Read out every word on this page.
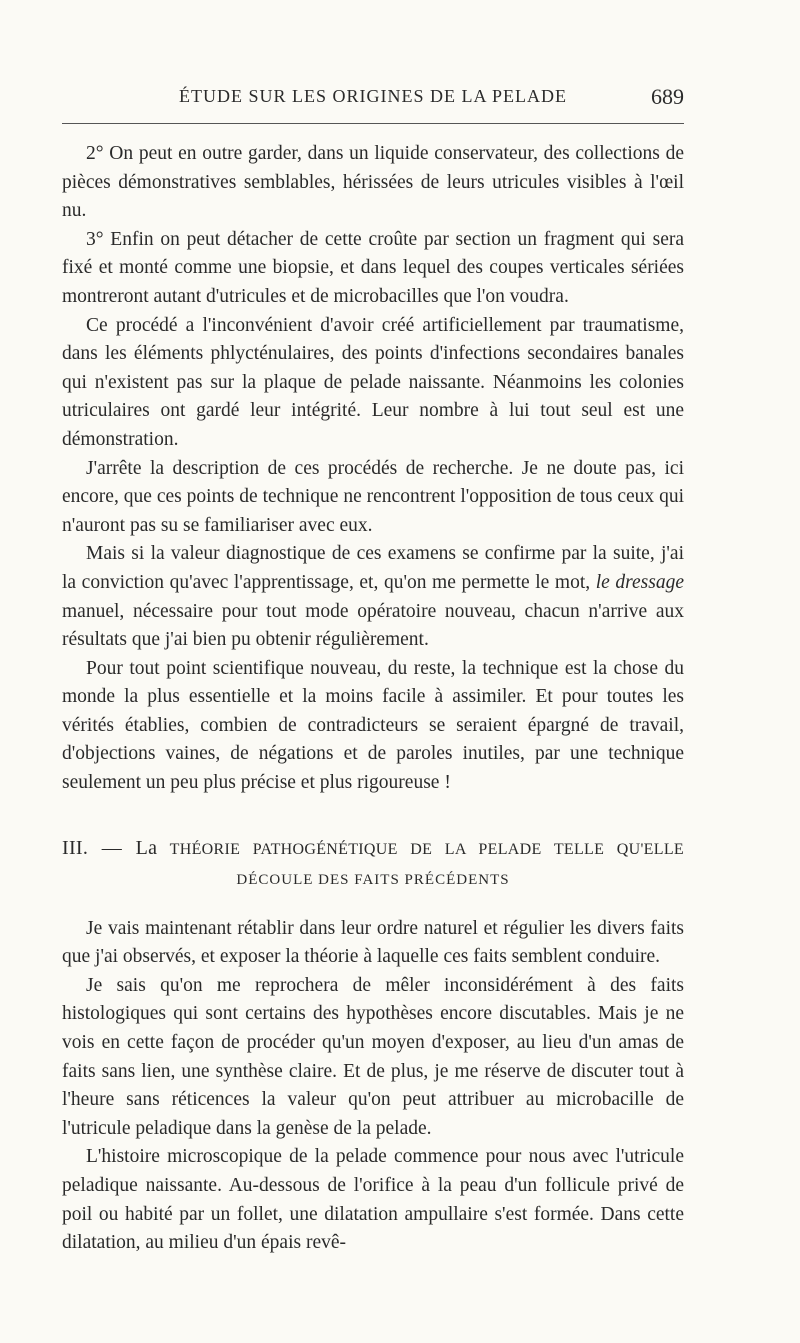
ÉTUDE SUR LES ORIGINES DE LA PELADE	689

2° On peut en outre garder, dans un liquide conservateur, des collections de pièces démonstratives semblables, hérissées de leurs utricules visibles à l'œil nu.

3° Enfin on peut détacher de cette croûte par section un fragment qui sera fixé et monté comme une biopsie, et dans lequel des coupes verticales sériées montreront autant d'utricules et de microbacilles que l'on voudra.

Ce procédé a l'inconvénient d'avoir créé artificiellement par traumatisme, dans les éléments phlycténulaires, des points d'infections secondaires banales qui n'existent pas sur la plaque de pelade naissante. Néanmoins les colonies utriculaires ont gardé leur intégrité. Leur nombre à lui tout seul est une démonstration.

J'arrête la description de ces procédés de recherche. Je ne doute pas, ici encore, que ces points de technique ne rencontrent l'opposition de tous ceux qui n'auront pas su se familiariser avec eux.

Mais si la valeur diagnostique de ces examens se confirme par la suite, j'ai la conviction qu'avec l'apprentissage, et, qu'on me permette le mot, le dressage manuel, nécessaire pour tout mode opératoire nouveau, chacun n'arrive aux résultats que j'ai bien pu obtenir régulièrement.

Pour tout point scientifique nouveau, du reste, la technique est la chose du monde la plus essentielle et la moins facile à assimiler. Et pour toutes les vérités établies, combien de contradicteurs se seraient épargné de travail, d'objections vaines, de négations et de paroles inutiles, par une technique seulement un peu plus précise et plus rigoureuse !

III. — La THÉORIE PATHOGÉNÉTIQUE DE LA PELADE TELLE QU'ELLE
DÉCOULE DES FAITS PRÉCÉDENTS

Je vais maintenant rétablir dans leur ordre naturel et régulier les divers faits que j'ai observés, et exposer la théorie à laquelle ces faits semblent conduire.

Je sais qu'on me reprochera de mêler inconsidérément à des faits histologiques qui sont certains des hypothèses encore discutables. Mais je ne vois en cette façon de procéder qu'un moyen d'exposer, au lieu d'un amas de faits sans lien, une synthèse claire. Et de plus, je me réserve de discuter tout à l'heure sans réticences la valeur qu'on peut attribuer au microbacille de l'utricule peladique dans la genèse de la pelade.

L'histoire microscopique de la pelade commence pour nous avec l'utricule peladique naissante. Au-dessous de l'orifice à la peau d'un follicule privé de poil ou habité par un follet, une dilatation ampullaire s'est formée. Dans cette dilatation, au milieu d'un épais revê-
